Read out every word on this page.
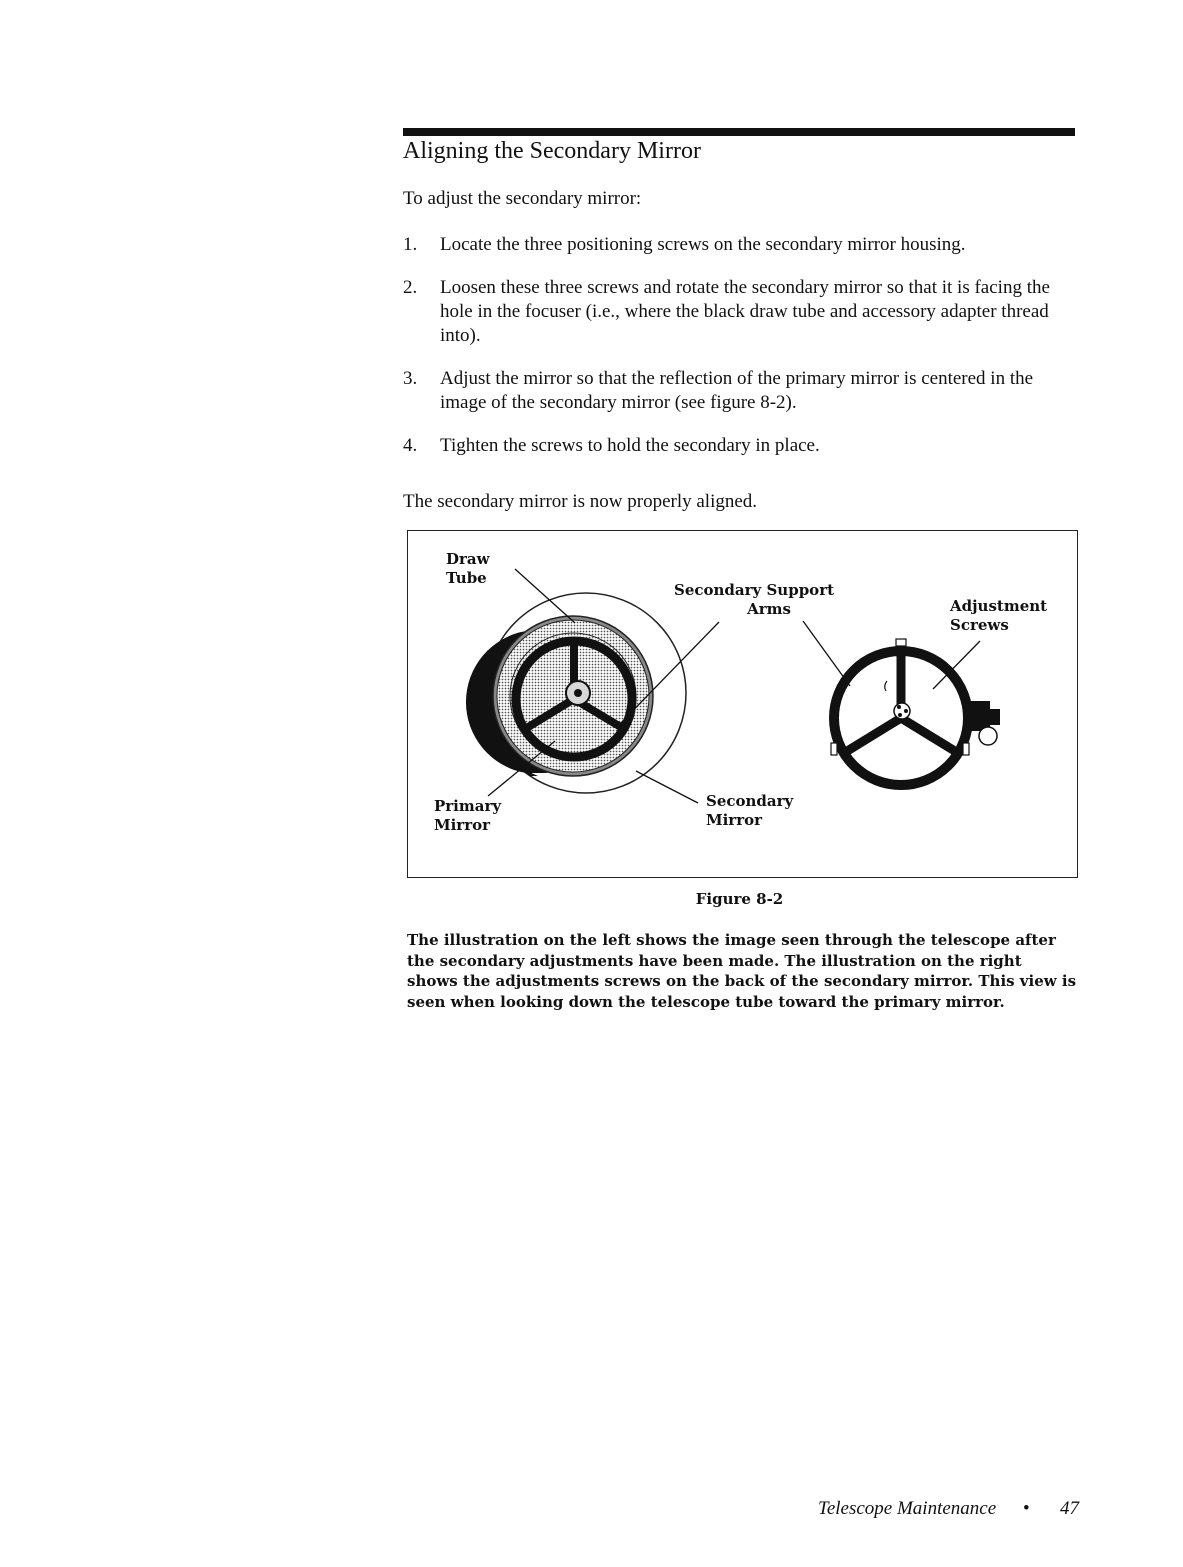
Aligning the Secondary Mirror

To adjust the secondary mirror:

1. Locate the three positioning screws on the secondary mirror housing.
2. Loosen these three screws and rotate the secondary mirror so that it is facing the hole in the focuser (i.e., where the black draw tube and accessory adapter thread into).
3. Adjust the mirror so that the reflection of the primary mirror is centered in the image of the secondary mirror (see figure 8-2).
4. Tighten the screws to hold the secondary in place.

The secondary mirror is now properly aligned.

Draw
Tube
Secondary Support
Arms	Adjustment
Screws
Primary
Mirror
Secondary
Mirror
Figure 8-2

The illustration on the left shows the image seen through the telescope after the secondary adjustments have been made. The illustration on the right shows the adjustments screws on the back of the secondary mirror. This view is seen when looking down the telescope tube toward the primary mirror.

Telescope Maintenance • 47
